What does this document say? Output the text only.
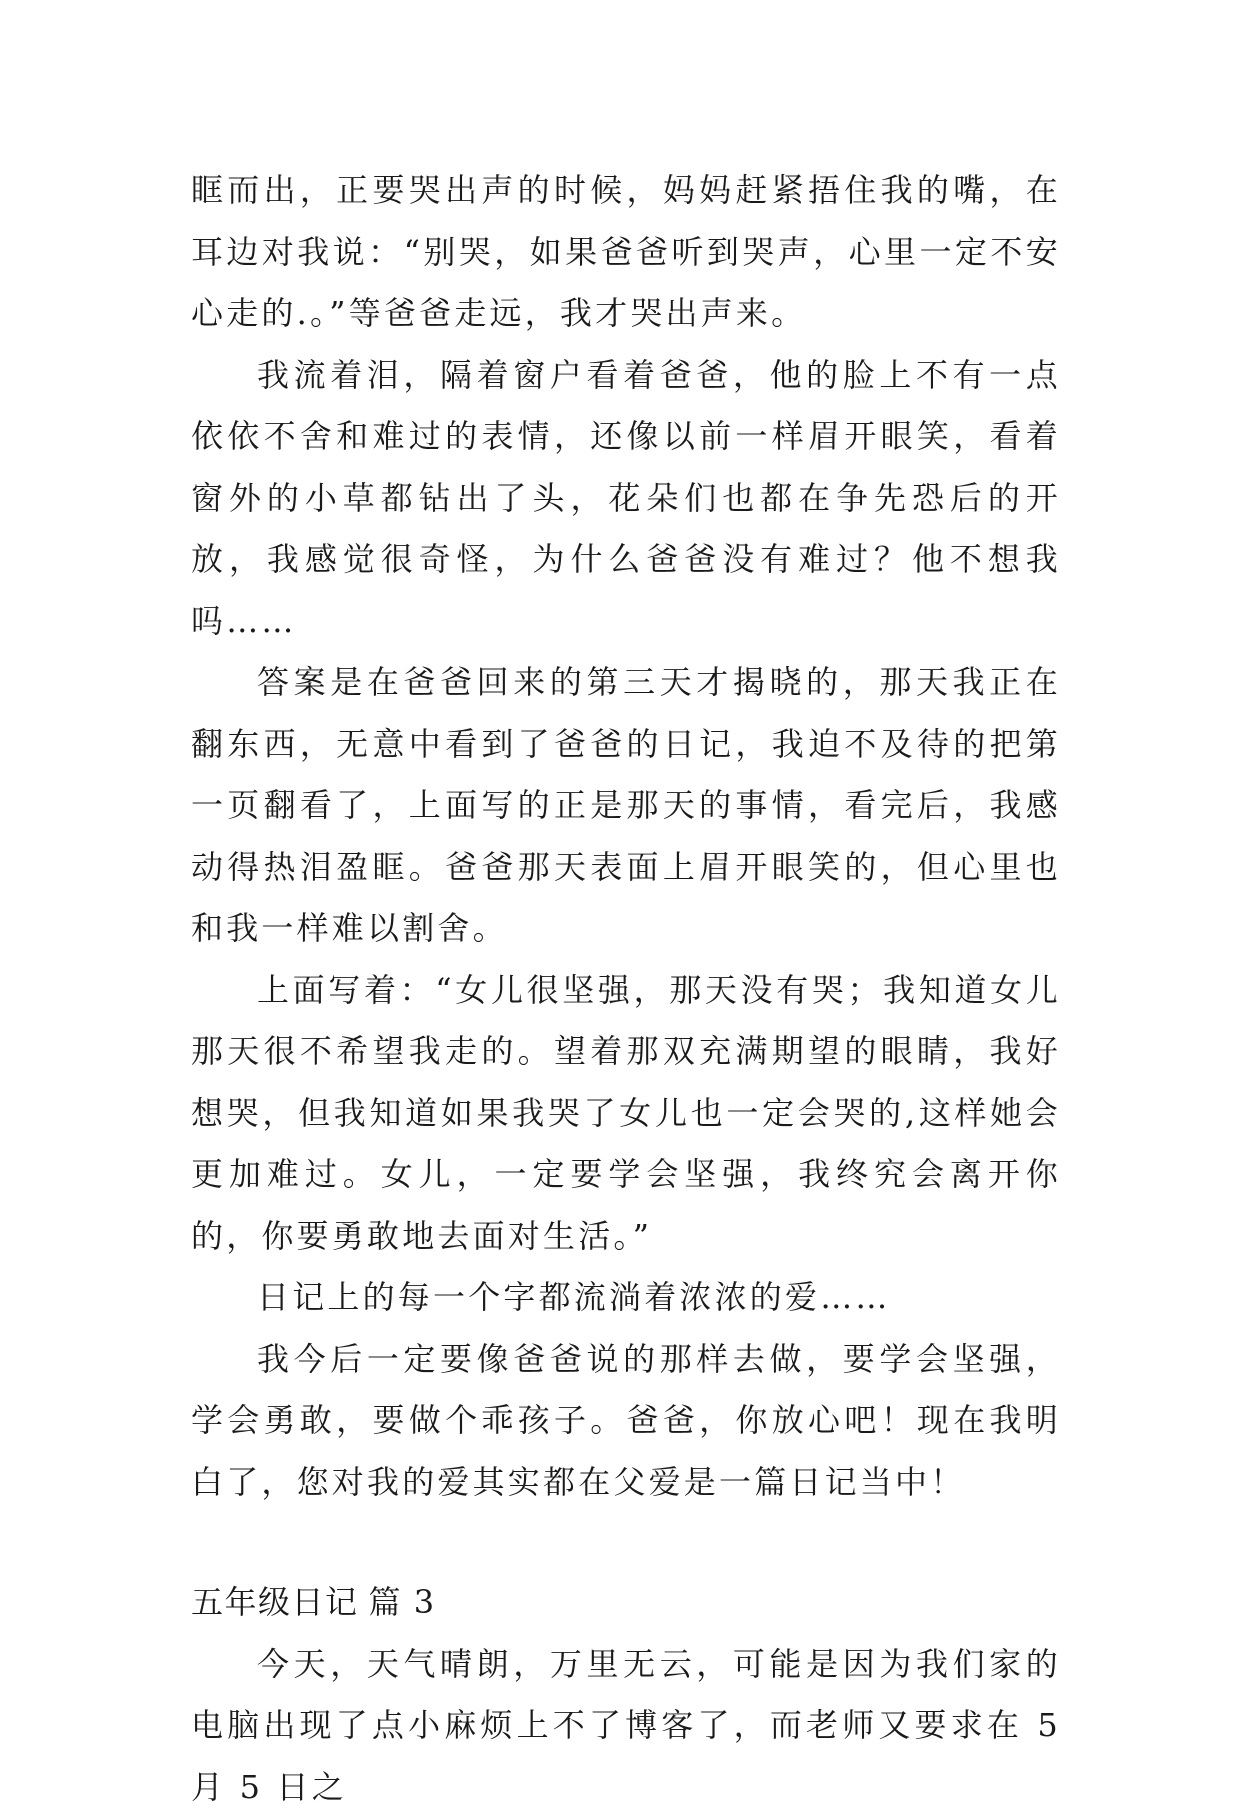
眶而出，正要哭出声的时候，妈妈赶紧捂住我的嘴，在耳边对我说：“别哭，如果爸爸听到哭声，心里一定不安心走的.。”等爸爸走远，我才哭出声来。

我流着泪，隔着窗户看着爸爸，他的脸上不有一点依依不舍和难过的表情，还像以前一样眉开眼笑，看着窗外的小草都钻出了头，花朵们也都在争先恐后的开放，我感觉很奇怪，为什么爸爸没有难过？他不想我吗……

答案是在爸爸回来的第三天才揭晓的，那天我正在翻东西，无意中看到了爸爸的日记，我迫不及待的把第一页翻看了，上面写的正是那天的事情，看完后，我感动得热泪盈眶。爸爸那天表面上眉开眼笑的，但心里也和我一样难以割舍。

上面写着：“女儿很坚强，那天没有哭；我知道女儿那天很不希望我走的。望着那双充满期望的眼睛，我好想哭，但我知道如果我哭了女儿也一定会哭的,这样她会更加难过。女儿，一定要学会坚强，我终究会离开你的，你要勇敢地去面对生活。”

日记上的每一个字都流淌着浓浓的爱……

我今后一定要像爸爸说的那样去做，要学会坚强，学会勇敢，要做个乖孩子。爸爸，你放心吧！现在我明白了，您对我的爱其实都在父爱是一篇日记当中！

五年级日记 篇 3

今天，天气晴朗，万里无云，可能是因为我们家的电脑出现了点小麻烦上不了博客了，而老师又要求在 5 月 5 日之
